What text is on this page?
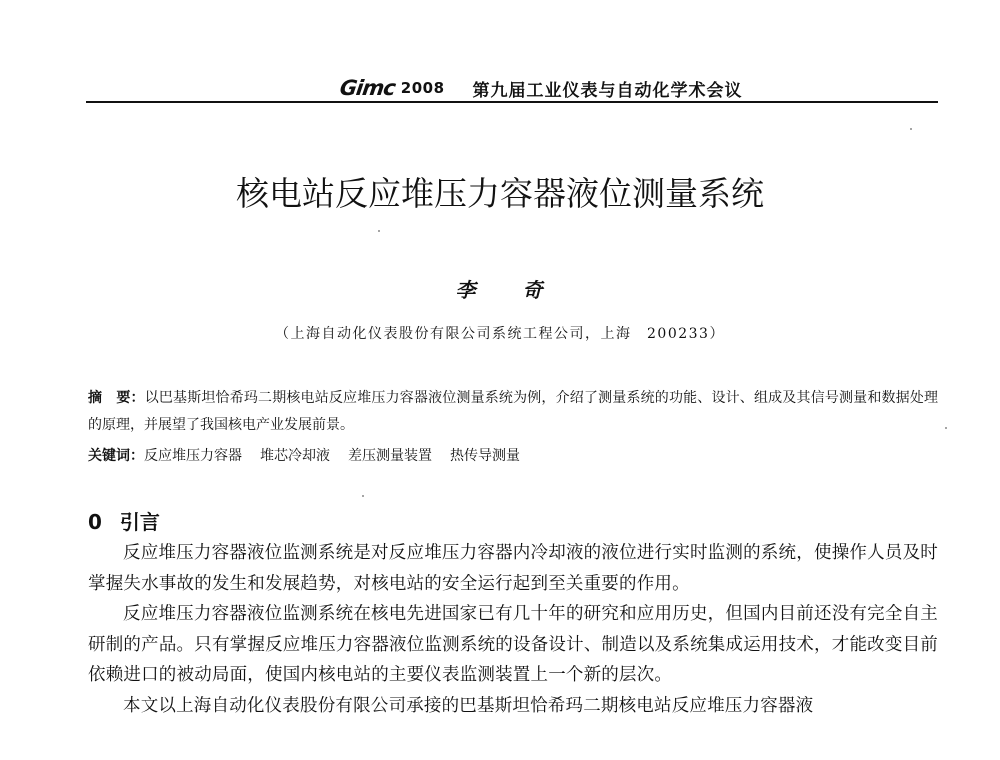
Gimc 2008 第九届工业仪表与自动化学术会议
核电站反应堆压力容器液位测量系统
李 奇
（上海自动化仪表股份有限公司系统工程公司，上海　200233）
摘　要：以巴基斯坦恰希玛二期核电站反应堆压力容器液位测量系统为例，介绍了测量系统的功能、设计、组成及其信号测量和数据处理的原理，并展望了我国核电产业发展前景。
关键词：反应堆压力容器 堆芯冷却液 差压测量装置 热传导测量
0 引言

反应堆压力容器液位监测系统是对反应堆压力容器内冷却液的液位进行实时监测的系统，使操作人员及时掌握失水事故的发生和发展趋势，对核电站的安全运行起到至关重要的作用。

反应堆压力容器液位监测系统在核电先进国家已有几十年的研究和应用历史，但国内目前还没有完全自主研制的产品。只有掌握反应堆压力容器液位监测系统的设备设计、制造以及系统集成运用技术，才能改变目前依赖进口的被动局面，使国内核电站的主要仪表监测装置上一个新的层次。

本文以上海自动化仪表股份有限公司承接的巴基斯坦恰希玛二期核电站反应堆压力容器液
